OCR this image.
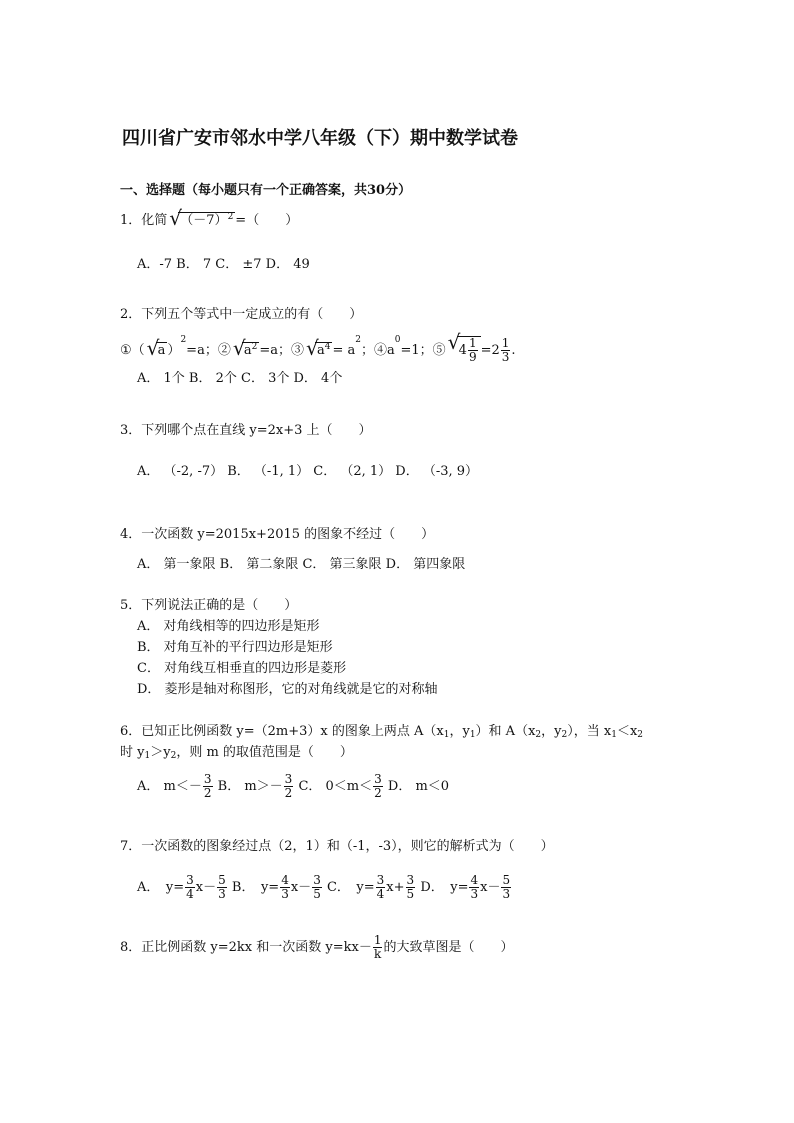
四川省广安市邻水中学八年级（下）期中数学试卷
一、选择题（每小题只有一个正确答案，共30分）
1．化简 √
$(-7)^2$ =（　　）
A．-7 B． 7 C． ±7 D． 49
2．下列五个等式中一定成立的有（　　）
①（ √
a ）$^2$=a；② √
$a^2 =a$；③ √
$a^4 = a^2$；$④a^0=1$；⑤ √
$4 \frac{1}{9} =2 \frac{1}{3}$ .
A． 1个 B． 2个 C． 3个 D． 4个
3．下列哪个点在直线 y=2x+3 上（　　）
A． （-2, -7） B． （-1, 1） C． （2, 1） D． （-3, 9）
4．一次函数 y=2015x+2015 的图象不经过（　　）
A． 第一象限 B． 第二象限 C． 第三象限 D． 第四象限
5．下列说法正确的是（　　）
A． 对角线相等的四边形是矩形
B． 对角互补的平行四边形是矩形
C． 对角线互相垂直的四边形是菱形
D． 菱形是轴对称图形，它的对角线就是它的对称轴
6．已知正比例函数 y=（2m+3）x 的图象上两点 A（x1，y1）和 A（x2，y2），当 x1＜x2
时 y1＞y2，则 m 的取值范围是（　　）
A． $m<- \frac{3}{2}$ B． $m>- \frac{3}{2}$ C． $0<m< \frac{3}{2}$ D． m＜0
7．一次函数的图象经过点（2，1）和（-1，-3），则它的解析式为（　　）
A．　$y= \frac{3}{4} x- \frac{5}{3}$ B．　$y= \frac{4}{3} x- \frac{3}{5}$ C．　$y= \frac{3}{4} x+ \frac{3}{5}$ D．　$y= \frac{4}{3} x- \frac{5}{3}$
8．正比例函数 y=2kx 和一次函数 $y=kx- \frac{1}{k}$ 的大致草图是（　　）
